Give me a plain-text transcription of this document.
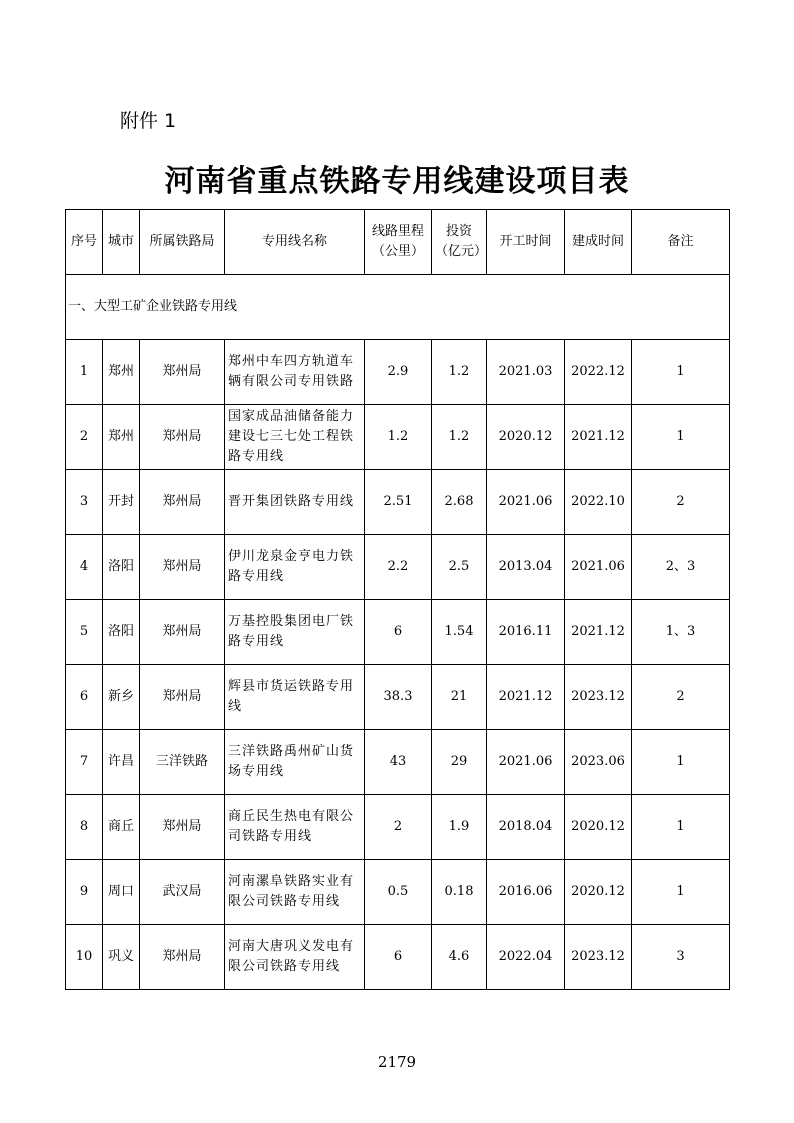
附件 1
河南省重点铁路专用线建设项目表
序号	城市	所属铁路局	专用线名称	线路里程（公里）	投资（亿元）	开工时间	建成时间	备注
一、大型工矿企业铁路专用线								
1	郑州	郑州局	郑州中车四方轨道车辆有限公司专用铁路	2.9	1.2	2021.03	2022.12	1
2	郑州	郑州局	国家成品油储备能力建设七三七处工程铁路专用线	1.2	1.2	2020.12	2021.12	1
3	开封	郑州局	晋开集团铁路专用线	2.51	2.68	2021.06	2022.10	2
4	洛阳	郑州局	伊川龙泉金亨电力铁路专用线	2.2	2.5	2013.04	2021.06	2、3
5	洛阳	郑州局	万基控股集团电厂铁路专用线	6	1.54	2016.11	2021.12	1、3
6	新乡	郑州局	辉县市货运铁路专用线	38.3	21	2021.12	2023.12	2
7	许昌	三洋铁路	三洋铁路禹州矿山货场专用线	43	29	2021.06	2023.06	1
8	商丘	郑州局	商丘民生热电有限公司铁路专用线	2	1.9	2018.04	2020.12	1
9	周口	武汉局	河南漯阜铁路实业有限公司铁路专用线	0.5	0.18	2016.06	2020.12	1
10	巩义	郑州局	河南大唐巩义发电有限公司铁路专用线	6	4.6	2022.04	2023.12	3
2179
